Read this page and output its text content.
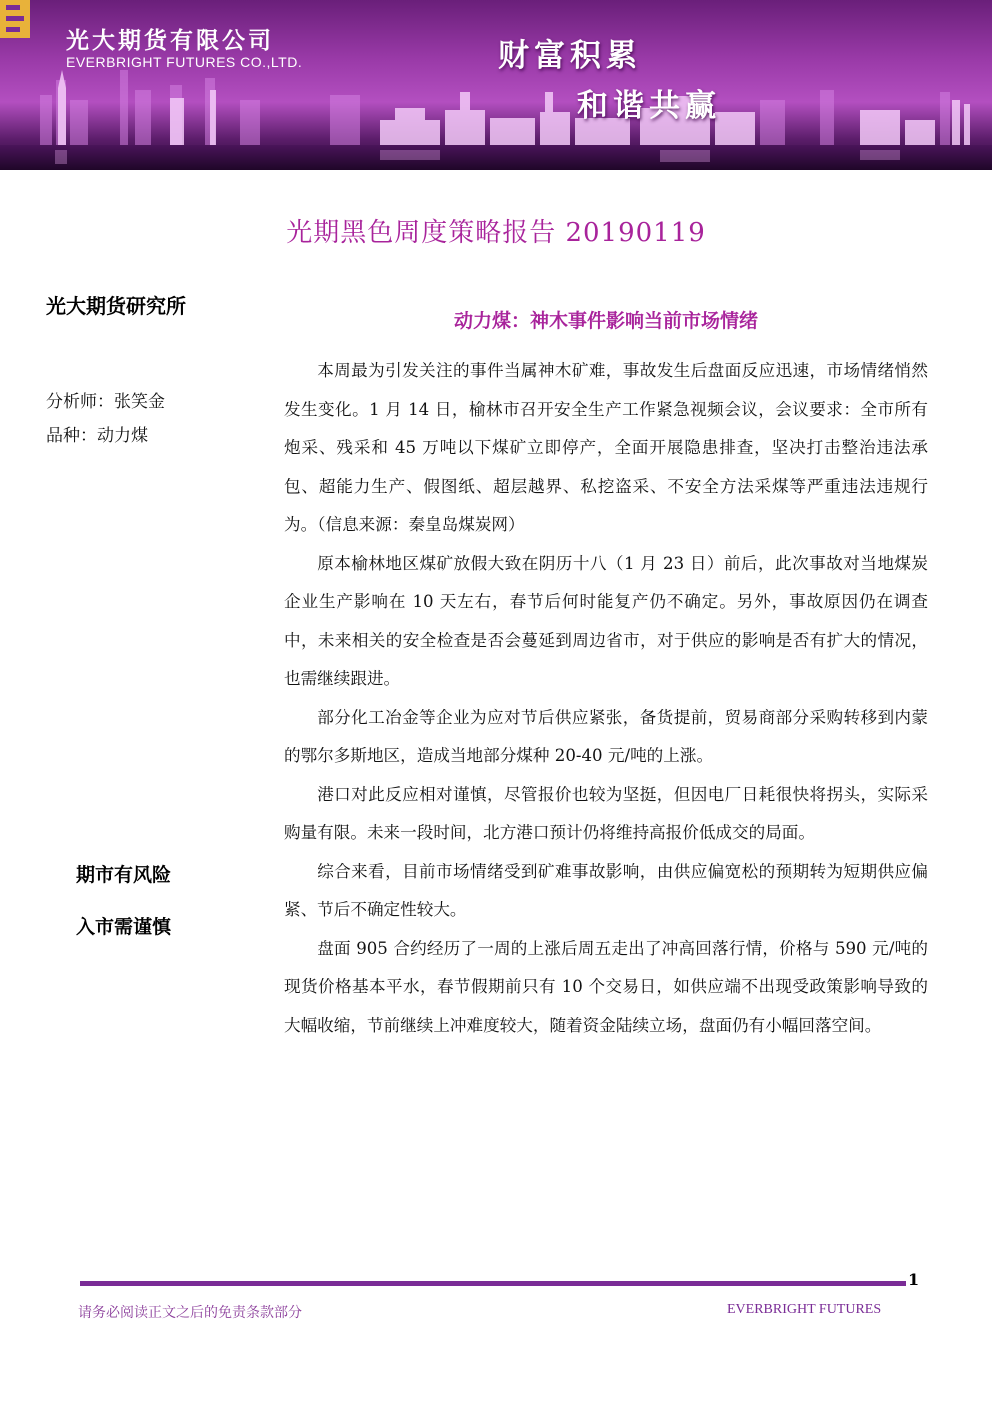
光大期货有限公司
EVERBRIGHT FUTURES CO.,LTD.	财富积累
和谐共赢
光期黑色周度策略报告 20190119

光大期货研究所

分析师：张笑金
品种：动力煤
期市有风险
入市需谨慎
动力煤：神木事件影响当前市场情绪

本周最为引发关注的事件当属神木矿难，事故发生后盘面反应迅速，市场情绪悄然发生变化。1 月 14 日，榆林市召开安全生产工作紧急视频会议，会议要求：全市所有炮采、残采和 45 万吨以下煤矿立即停产，全面开展隐患排查，坚决打击整治违法承包、超能力生产、假图纸、超层越界、私挖盗采、不安全方法采煤等严重违法违规行为。（信息来源：秦皇岛煤炭网）

原本榆林地区煤矿放假大致在阴历十八（1 月 23 日）前后，此次事故对当地煤炭企业生产影响在 10 天左右，春节后何时能复产仍不确定。另外，事故原因仍在调查中，未来相关的安全检查是否会蔓延到周边省市，对于供应的影响是否有扩大的情况，也需继续跟进。

部分化工冶金等企业为应对节后供应紧张，备货提前，贸易商部分采购转移到内蒙的鄂尔多斯地区，造成当地部分煤种 20-40 元/吨的上涨。

港口对此反应相对谨慎，尽管报价也较为坚挺，但因电厂日耗很快将拐头，实际采购量有限。未来一段时间，北方港口预计仍将维持高报价低成交的局面。

综合来看，目前市场情绪受到矿难事故影响，由供应偏宽松的预期转为短期供应偏紧、节后不确定性较大。

盘面 905 合约经历了一周的上涨后周五走出了冲高回落行情，价格与 590 元/吨的现货价格基本平水，春节假期前只有 10 个交易日，如供应端不出现受政策影响导致的大幅收缩，节前继续上冲难度较大，随着资金陆续立场，盘面仍有小幅回落空间。

1
请务必阅读正文之后的免责条款部分	EVERBRIGHT FUTURES
